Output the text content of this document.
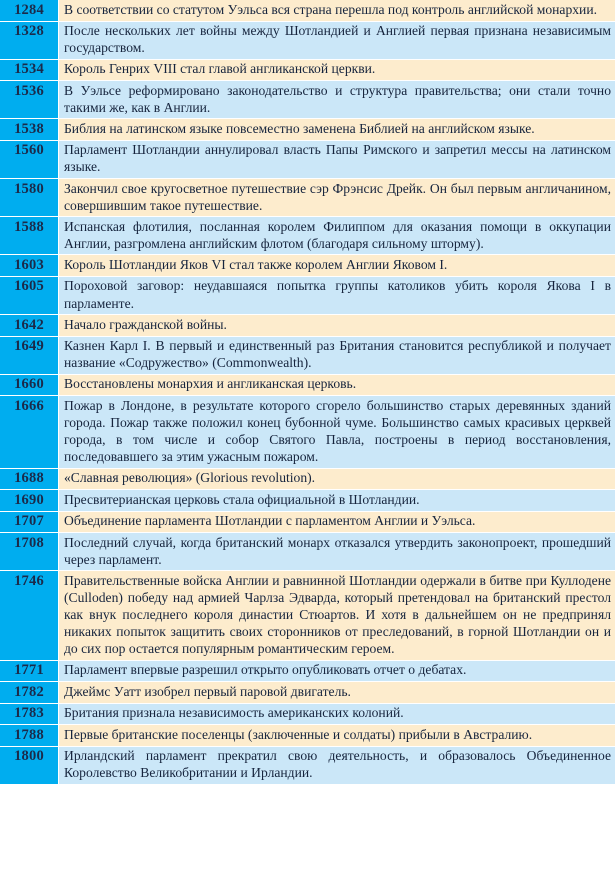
1284	В соответствии со статутом Уэльса вся страна перешла под контроль английской монархии.
1328	После нескольких лет войны между Шотландией и Англией первая признана независимым государством.
1534	Король Генрих VIII стал главой англиканской церкви.
1536	В Уэльсе реформировано законодательство и структура правительства; они стали точно такими же, как в Англии.
1538	Библия на латинском языке повсеместно заменена Библией на английском языке.
1560	Парламент Шотландии аннулировал власть Папы Римского и запретил мессы на латинском языке.
1580	Закончил свое кругосветное путешествие сэр Фрэнсис Дрейк. Он был первым англичанином, совершившим такое путешествие.
1588	Испанская флотилия, посланная королем Филиппом для оказания помощи в оккупации Англии, разгромлена английским флотом (благодаря сильному шторму).
1603	Король Шотландии Яков VI стал также королем Англии Яковом I.
1605	Пороховой заговор: неудавшаяся попытка группы католиков убить короля Якова I в парламенте.
1642	Начало гражданской войны.
1649	Казнен Карл I. В первый и единственный раз Британия становится республикой и получает название «Содружество» (Commonwealth).
1660	Восстановлены монархия и англиканская церковь.
1666	Пожар в Лондоне, в результате которого сгорело большинство старых деревянных зданий города. Пожар также положил конец бубонной чуме. Большинство самых красивых церквей города, в том числе и собор Святого Павла, построены в период восстановления, последовавшего за этим ужасным пожаром.
1688	«Славная революция» (Glorious revolution).
1690	Пресвитерианская церковь стала официальной в Шотландии.
1707	Объединение парламента Шотландии с парламентом Англии и Уэльса.
1708	Последний случай, когда британский монарх отказался утвердить законопроект, прошедший через парламент.
1746	Правительственные войска Англии и равнинной Шотландии одержали в битве при Куллодене (Culloden) победу над армией Чарлза Эдварда, который претендовал на британский престол как внук последнего короля династии Стюартов. И хотя в дальнейшем он не предпринял никаких попыток защитить своих сторонников от преследований, в горной Шотландии он и до сих пор остается популярным романтическим героем.
1771	Парламент впервые разрешил открыто опубликовать отчет о дебатах.
1782	Джеймс Уатт изобрел первый паровой двигатель.
1783	Британия признала независимость американских колоний.
1788	Первые британские поселенцы (заключенные и солдаты) прибыли в Австралию.
1800	Ирландский парламент прекратил свою деятельность, и образовалось Объединенное Королевство Великобритании и Ирландии.
